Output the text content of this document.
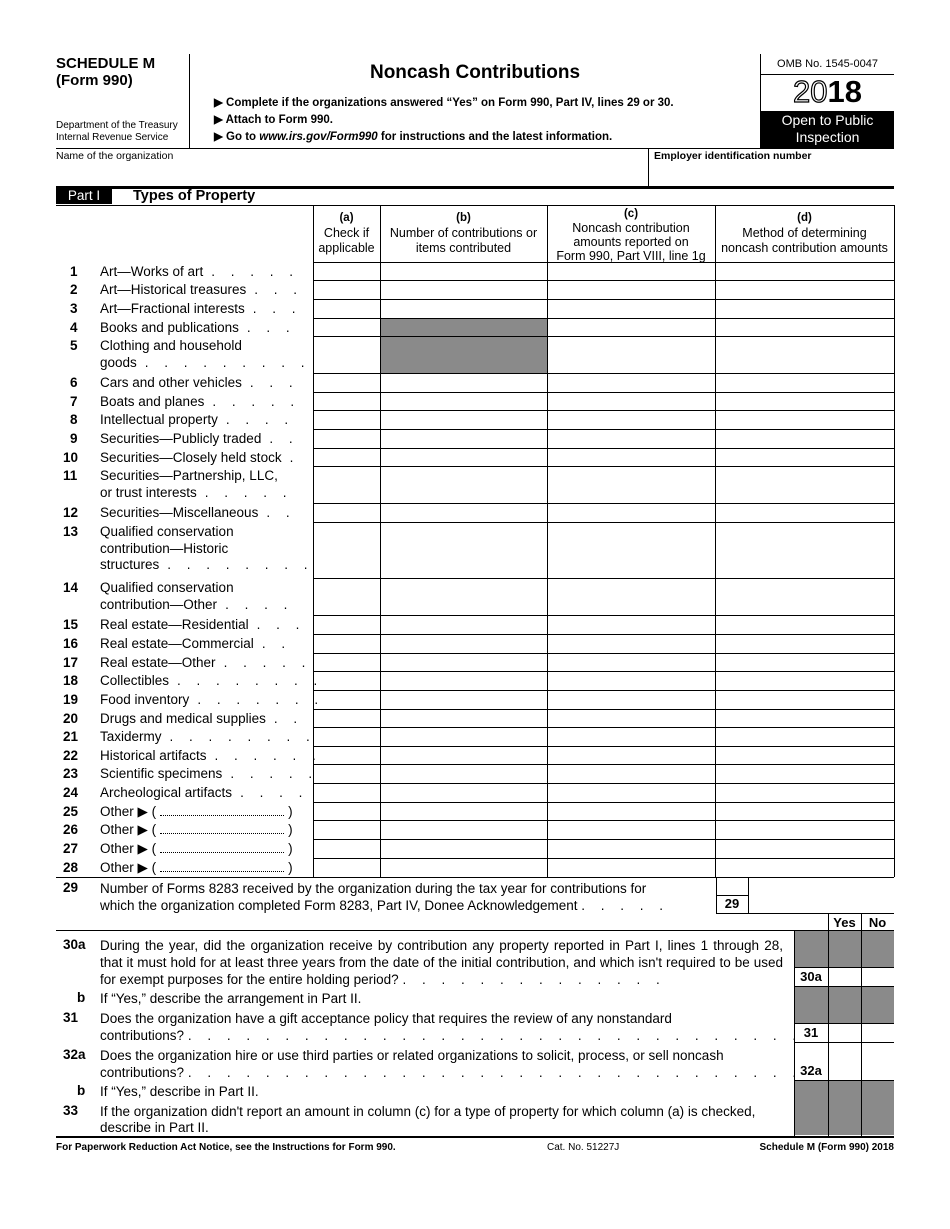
SCHEDULE M
(Form 990)
Department of the Treasury
Internal Revenue Service
Noncash Contributions
▶ Complete if the organizations answered “Yes” on Form 990, Part IV, lines 29 or 30.
▶ Attach to Form 990.
▶ Go to www.irs.gov/Form990 for instructions and the latest information.
OMB No. 1545-0047
2018
Open to Public
Inspection
Name of the organization	Employer identification number
Part I	Types of Property
(a)
Check if
applicable
(b)
Number of contributions or
items contributed
(c)
Noncash contribution
amounts reported on
Form 990, Part VIII, line 1g
(d)
Method of determining
noncash contribution amounts
1	Art—Works of art . . . . .
2	Art—Historical treasures . . .
3	Art—Fractional interests . . .
4	Books and publications . . .
5	Clothing and household
goods . . . . . . . . .
6	Cars and other vehicles . . .
7	Boats and planes . . . . .
8	Intellectual property . . . .
9	Securities—Publicly traded . .
10	Securities—Closely held stock .
11	Securities—Partnership, LLC,
or trust interests . . . . .
12	Securities—Miscellaneous . .
13	Qualified conservation
contribution—Historic
structures . . . . . . . .
14	Qualified conservation
contribution—Other . . . .
15	Real estate—Residential . . .
16	Real estate—Commercial . .
17	Real estate—Other . . . . .
18	Collectibles . . . . . . . .
19	Food inventory . . . . . . .
20	Drugs and medical supplies . .
21	Taxidermy . . . . . . . .
22	Historical artifacts . . . . . .
23	Scientific specimens . . . . .
24	Archeological artifacts . . . .
25	Other ▶ (	)
26	Other ▶ (	)
27	Other ▶ (	)
28	Other ▶ (	)
29	Number of Forms 8283 received by the organization during the tax year for contributions for
which the organization completed Form 8283, Part IV, Donee Acknowledgement . . . . .	29
Yes	No
30a
31
32a
30a During the year, did the organization receive by contribution any property reported in Part I, lines 1 through 28, that it must hold for at least three years from the date of the initial contribution, and which isn't required to be used for exempt purposes for the entire holding period? . . . . . . . . . . . . . .
b	If “Yes,” describe the arrangement in Part II.
31	Does the organization have a gift acceptance policy that requires the review of any nonstandard
contributions? . . . . . . . . . . . . . . . . . . . . . . . . . . . . . . . .
32a Does the organization hire or use third parties or related organizations to solicit, process, or sell noncash
contributions? . . . . . . . . . . . . . . . . . . . . . . . . . . . . . . . .
b	If “Yes,” describe in Part II.
33	If the organization didn't report an amount in column (c) for a type of property for which column (a) is checked,
describe in Part II.
For Paperwork Reduction Act Notice, see the Instructions for Form 990.	Cat. No. 51227J	Schedule M (Form 990) 2018
